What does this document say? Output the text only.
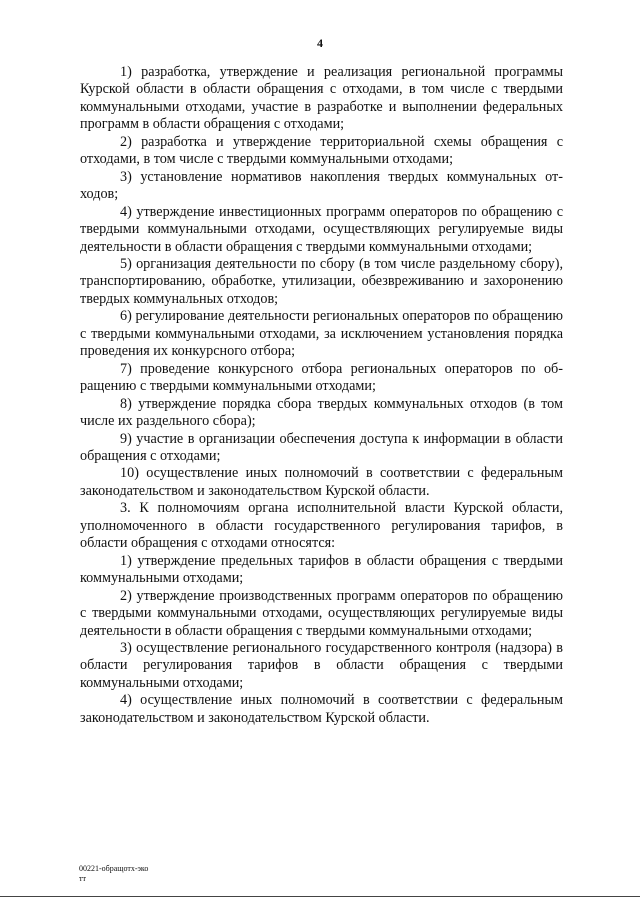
4

1) разработка, утверждение и реализация региональной программы Курской области в области обращения с отходами, в том числе с твердыми коммунальными отходами, участие в разработке и выполнении федеральных программ в области обращения с отходами;

2) разработка и утверждение территориальной схемы обращения с отходами, в том числе с твердыми коммунальными отходами;

3) установление нормативов накопления твердых коммунальных отходов;

4) утверждение инвестиционных программ операторов по обращению с твердыми коммунальными отходами, осуществляющих регулируемые виды деятельности в области обращения с твердыми коммунальными отходами;

5) организация деятельности по сбору (в том числе раздельному сбору), транспортированию, обработке, утилизации, обезвреживанию и захоронению твердых коммунальных отходов;

6) регулирование деятельности региональных операторов по обращению с твердыми коммунальными отходами, за исключением установления порядка проведения их конкурсного отбора;

7) проведение конкурсного отбора региональных операторов по обращению с твердыми коммунальными отходами;

8) утверждение порядка сбора твердых коммунальных отходов (в том числе их раздельного сбора);

9) участие в организации обеспечения доступа к информации в области обращения с отходами;

10) осуществление иных полномочий в соответствии с федеральным законодательством и законодательством Курской области.

3. К полномочиям органа исполнительной власти Курской области, уполномоченного в области государственного регулирования тарифов, в области обращения с отходами относятся:

1) утверждение предельных тарифов в области обращения с твердыми коммунальными отходами;

2) утверждение производственных программ операторов по обращению с твердыми коммунальными отходами, осуществляющих регулируемые виды деятельности в области обращения с твердыми коммунальными отходами;

3) осуществление регионального государственного контроля (надзора) в области регулирования тарифов в области обращения с твердыми коммунальными отходами;

4) осуществление иных полномочий в соответствии с федеральным законодательством и законодательством Курской области.

00221-обращотх-эко
тт
